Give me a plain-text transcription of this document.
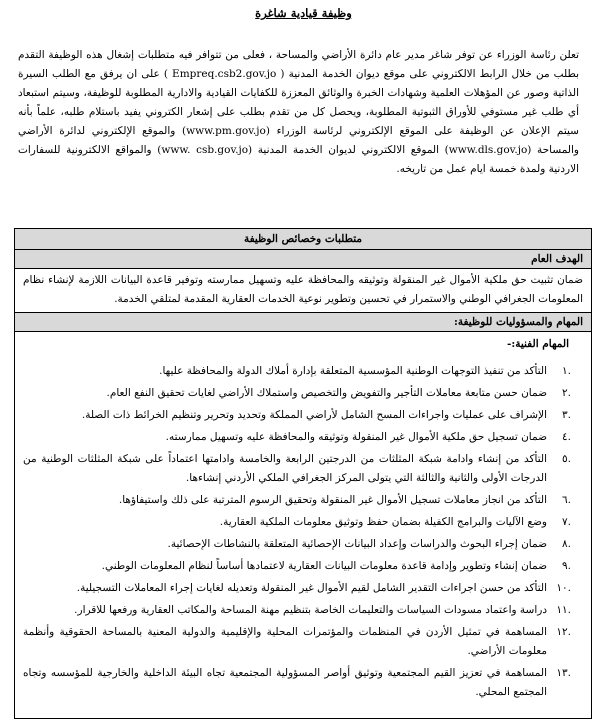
وظيفة قيادية شاغرة

تعلن رئاسة الوزراء عن توفر شاغر مدير عام دائرة الأراضي والمساحة ، فعلى من تتوافر فيه متطلبات إشغال هذه الوظيفة التقدم بطلب من خلال الرابط الالكتروني على موقع ديوان الخدمة المدنية ( Empreq.csb2.gov.jo ) على ان يرفق مع الطلب السيرة الذاتية وصور عن المؤهلات العلمية وشهادات الخبرة والوثائق المعززة للكفايات القيادية والادارية المطلوبة للوظيفة، وسيتم استبعاد أي طلب غير مستوفي للأوراق الثبوتية المطلوبة، ويحصل كل من تقدم بطلب على إشعار الكتروني يفيد باستلام طلبه، علماً بأنه سيتم الإعلان عن الوظيفة على الموقع الإلكتروني لرئاسة الوزراء (www.pm.gov.jo) والموقع الإلكتروني لدائرة الأراضي والمساحة (www.dls.gov.jo) الموقع الالكتروني لديوان الخدمة المدنية (www. csb.gov.jo) والمواقع الالكترونية للسفارات الاردنية ولمدة خمسة ايام عمل من تاريخه.

متطلبات وخصائص الوظيفة
الهدف العام
ضمان تثبيت حق ملكية الأموال غير المنقولة وتوثيقه والمحافظة عليه وتسهيل ممارسته وتوفير قاعدة البيانات اللازمة لإنشاء نظام المعلومات الجغرافي الوطني والاستمرار في تحسين وتطوير نوعية الخدمات العقارية المقدمة لمتلقي الخدمة.
المهام والمسؤوليات للوظيفة:
المهام الفنية:-
.١
التأكد من تنفيذ التوجهات الوطنية المؤسسية المتعلقة بإدارة أملاك الدولة والمحافظة عليها.
.٢
ضمان حسن متابعة معاملات التأجير والتفويض والتخصيص واستملاك الأراضي لغايات تحقيق النفع العام.
.٣
الإشراف على عمليات واجراءات المسح الشامل لأراضي المملكة وتحديد وتحرير وتنظيم الخرائط ذات الصلة.
.٤
ضمان تسجيل حق ملكية الأموال غير المنقولة وتوثيقه والمحافظة عليه وتسهيل ممارسته.
.٥
التأكد من إنشاء وادامة شبكة المثلثات من الدرجتين الرابعة والخامسة وادامتها اعتماداً على شبكة المثلثات الوطنية من الدرجات الأولى والثانية والثالثة التي يتولى المركز الجغرافي الملكي الأردني إنشاءها.
.٦
التأكد من انجاز معاملات تسجيل الأموال غير المنقولة وتحقيق الرسوم المترتبة على ذلك واستيفاؤها.
.٧
وضع الآليات والبرامج الكفيلة بضمان حفظ وتوثيق معلومات الملكية العقارية.
.٨
ضمان إجراء البحوث والدراسات وإعداد البيانات الإحصائية المتعلقة بالنشاطات الإحصائية.
.٩
ضمان إنشاء وتطوير وإدامة قاعدة معلومات البيانات العقارية لاعتمادها أساساً لنظام المعلومات الوطني.
.١٠
التأكد من حسن اجراءات التقدير الشامل لقيم الأموال غير المنقولة وتعديله لغايات إجراء المعاملات التسجيلية.
.١١
دراسة واعتماد مسودات السياسات والتعليمات الخاصة بتنظيم مهنة المساحة والمكاتب العقارية ورفعها للاقرار.
.١٢
المساهمة في تمثيل الأردن في المنظمات والمؤتمرات المحلية والإقليمية والدولية المعنية بالمساحة الحقوقية وأنظمة معلومات الأراضي.
.١٣
المساهمة في تعزيز القيم المجتمعية وتوثيق أواصر المسؤولية المجتمعية تجاه البيئة الداخلية والخارجية للمؤسسه وتجاه المجتمع المحلي.
